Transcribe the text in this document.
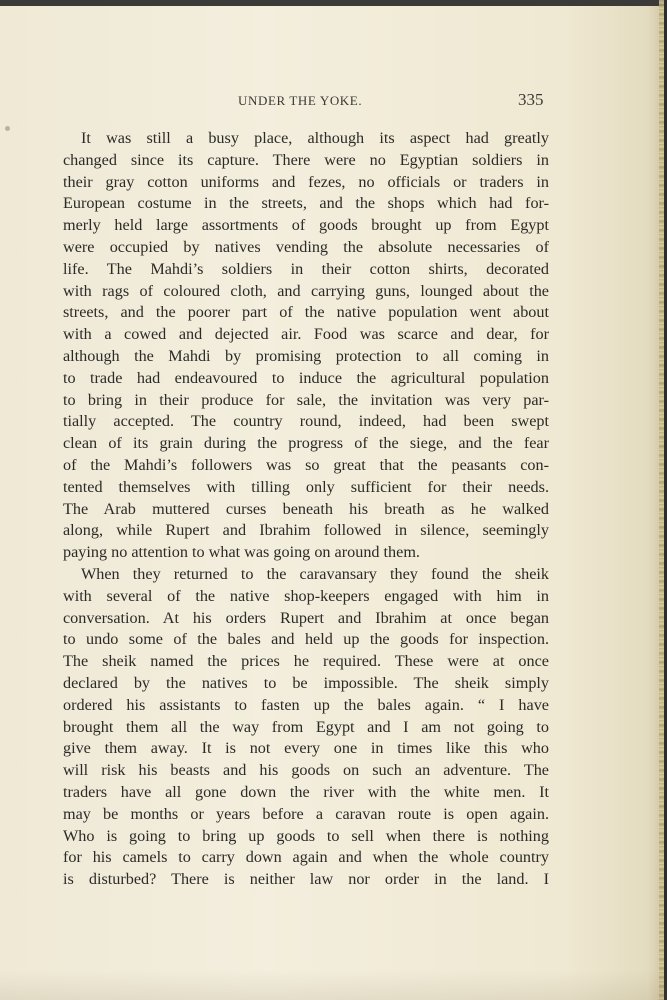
UNDER THE YOKE.	335
It was still a busy place, although its aspect had greatly
changed since its capture. There were no Egyptian soldiers in
their gray cotton uniforms and fezes, no officials or traders in
European costume in the streets, and the shops which had for-
merly held large assortments of goods brought up from Egypt
were occupied by natives vending the absolute necessaries of
life. The Mahdi’s soldiers in their cotton shirts, decorated
with rags of coloured cloth, and carrying guns, lounged about the
streets, and the poorer part of the native population went about
with a cowed and dejected air. Food was scarce and dear, for
although the Mahdi by promising protection to all coming in
to trade had endeavoured to induce the agricultural population
to bring in their produce for sale, the invitation was very par-
tially accepted. The country round, indeed, had been swept
clean of its grain during the progress of the siege, and the fear
of the Mahdi’s followers was so great that the peasants con-
tented themselves with tilling only sufficient for their needs.
The Arab muttered curses beneath his breath as he walked
along, while Rupert and Ibrahim followed in silence, seemingly
paying no attention to what was going on around them.
When they returned to the caravansary they found the sheik
with several of the native shop-keepers engaged with him in
conversation. At his orders Rupert and Ibrahim at once began
to undo some of the bales and held up the goods for inspection.
The sheik named the prices he required. These were at once
declared by the natives to be impossible. The sheik simply
ordered his assistants to fasten up the bales again. “ I have
brought them all the way from Egypt and I am not going to
give them away. It is not every one in times like this who
will risk his beasts and his goods on such an adventure. The
traders have all gone down the river with the white men. It
may be months or years before a caravan route is open again.
Who is going to bring up goods to sell when there is nothing
for his camels to carry down again and when the whole country
is disturbed? There is neither law nor order in the land. I
